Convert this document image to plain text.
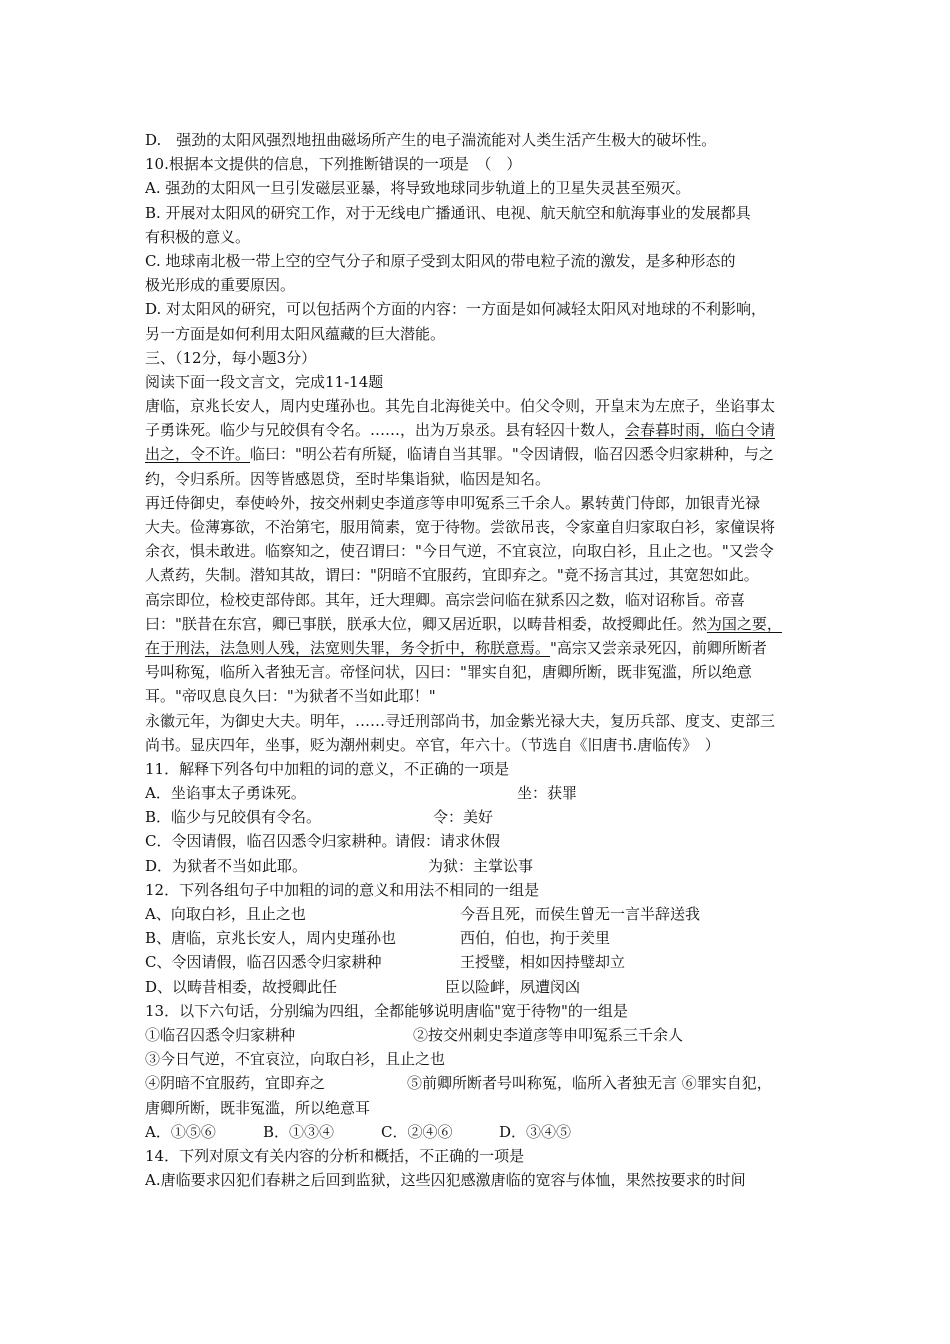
D.　强劲的太阳风强烈地扭曲磁场所产生的电子湍流能对人类生活产生极大的破坏性。
10.根据本文提供的信息，下列推断错误的一项是　（　）
A. 强劲的太阳风一旦引发磁层亚暴，将导致地球同步轨道上的卫星失灵甚至殒灭。
B. 开展对太阳风的研究工作，对于无线电广播通讯、电视、航天航空和航海事业的发展都具
有积极的意义。
C. 地球南北极一带上空的空气分子和原子受到太阳风的带电粒子流的激发，是多种形态的
极光形成的重要原因。
D. 对太阳风的研究，可以包括两个方面的内容：一方面是如何减轻太阳风对地球的不利影响，
另一方面是如何利用太阳风蕴藏的巨大潜能。
三、（12分，每小题3分）
阅读下面一段文言文，完成11-14题
唐临，京兆长安人，周内史瑾孙也。其先自北海徙关中。伯父令则，开皇末为左庶子，坐谄事太
子勇诛死。临少与兄皎俱有令名。……，出为万泉丞。县有轻囚十数人，会春暮时雨，临白令请
出之，令不许。临曰："明公若有所疑，临请自当其罪。"令因请假，临召囚悉令归家耕种，与之
约，令归系所。因等皆感恩贷，至时毕集诣狱，临因是知名。
再迁侍御史，奉使岭外，按交州刺史李道彦等申叩冤系三千余人。累转黄门侍郎，加银青光禄
大夫。俭薄寡欲，不治第宅，服用简素，宽于待物。尝欲吊丧，令家童自归家取白衫，家僮误将
余衣，惧未敢进。临察知之，使召谓曰："今日气逆，不宜哀泣，向取白衫，且止之也。"又尝令
人煮药，失制。潜知其故，谓曰："阴暗不宜服药，宜即弃之。"竟不扬言其过，其宽恕如此。
高宗即位，检校吏部侍郎。其年，迁大理卿。高宗尝问临在狱系囚之数，临对诏称旨。帝喜
曰："朕昔在东宫，卿已事朕，朕承大位，卿又居近职，以畴昔相委，故授卿此任。然为国之要，
在于刑法，法急则人残，法宽则失罪，务令折中，称朕意焉。"高宗又尝亲录死囚，前卿所断者
号叫称冤，临所入者独无言。帝怪问状，囚曰："罪实自犯，唐卿所断，既非冤滥，所以绝意
耳。"帝叹息良久曰："为狱者不当如此耶！"
永徽元年，为御史大夫。明年，……寻迁刑部尚书，加金紫光禄大夫，复历兵部、度支、吏部三
尚书。显庆四年，坐事，贬为潮州刺史。卒官，年六十。（节选自《旧唐书.唐临传》　）
11．解释下列各句中加粗的词的意义，不正确的一项是
A．坐谄事太子勇诛死。	坐：获罪
B．临少与兄皎俱有令名。	令：美好
C．令因请假，临召囚悉令归家耕种。请假：请求休假
D．为狱者不当如此耶。	为狱：主掌讼事
12．下列各组句子中加粗的词的意义和用法不相同的一组是
A、向取白衫，且止之也	今吾且死，而侯生曾无一言半辞送我
B、唐临，京兆长安人，周内史瑾孙也	西伯，伯也，拘于羑里
C、令因请假，临召囚悉令归家耕种	王授璧，相如因持璧却立
D、以畴昔相委，故授卿此任	臣以险衅，夙遭闵凶
13．以下六句话，分别编为四组，全都能够说明唐临"宽于待物"的一组是
①临召囚悉令归家耕种	②按交州刺史李道彦等申叩冤系三千余人
③今日气逆，不宜哀泣，向取白衫，且止之也
④阴暗不宜服药，宜即弃之	⑤前卿所断者号叫称冤，临所入者独无言 ⑥罪实自犯，
唐卿所断，既非冤滥，所以绝意耳
A．①⑤⑥	B．①③④	C．②④⑥	D．③④⑤
14．下列对原文有关内容的分析和概括，不正确的一项是
A.唐临要求囚犯们春耕之后回到监狱，这些囚犯感激唐临的宽容与体恤，果然按要求的时间
